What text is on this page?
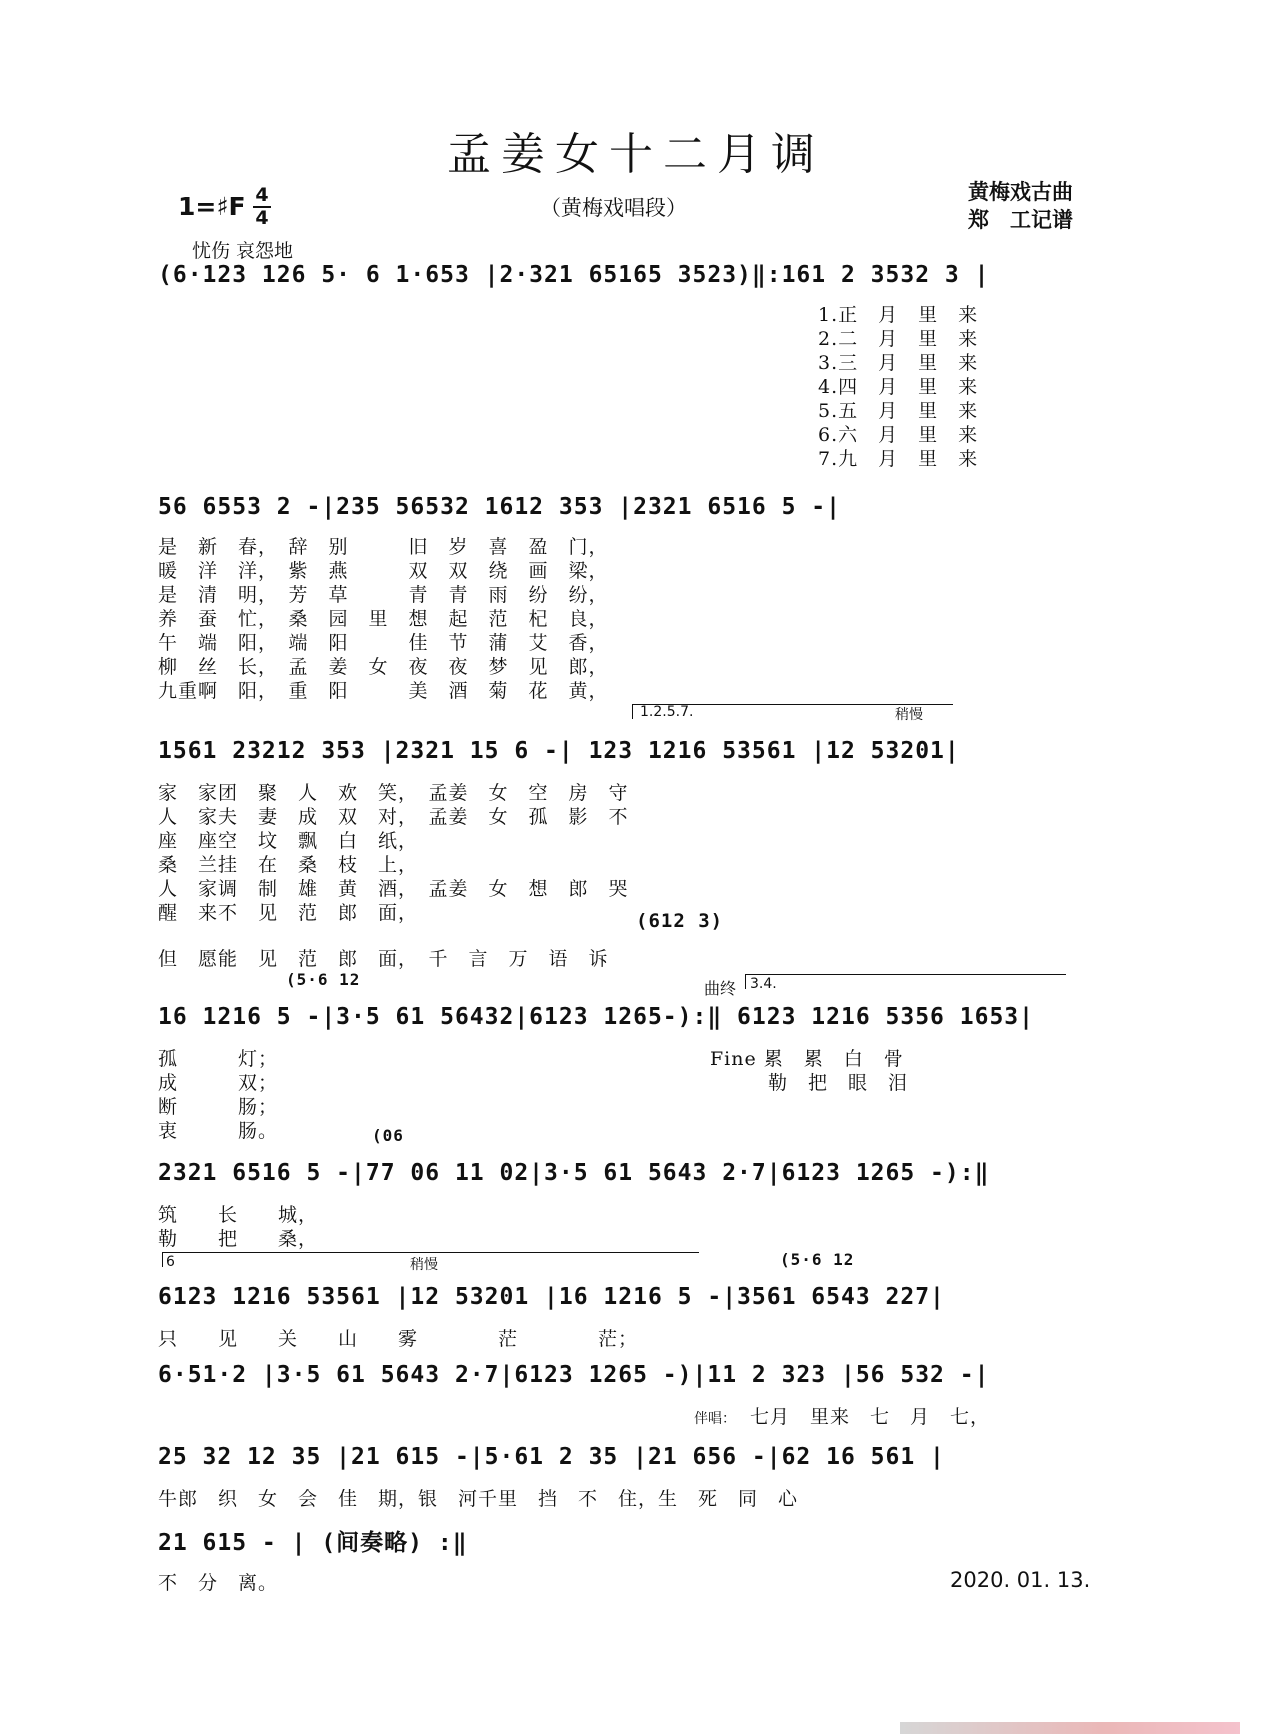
孟姜女十二月调
1=♯F 4
4	（黄梅戏唱段）
黄梅戏古曲
郑　工记谱
忧伤 哀怨地
(6·123 126 5· 6 1·653 |2·321 65165 3523)‖:161 2 3532 3 |
1.正　月　里　来
2.二　月　里　来
3.三　月　里　来
4.四　月　里　来
5.五　月　里　来
6.六　月　里　来
7.九　月　里　来
56 6553 2 -|235 56532 1612 353 |2321 6516 5 -|
是　新　春，　辞　别　　　旧　岁　喜　盈　门，
暖　洋　洋，　紫　燕　　　双　双　绕　画　梁，
是　清　明，　芳　草　　　青　青　雨　纷　纷，
养　蚕　忙，　桑　园　里　想　起　范　杞　良，
午　端　阳，　端　阳　　　佳　节　蒲　艾　香，
柳　丝　长，　孟　姜　女　夜　夜　梦　见　郎，
九重啊　阳，　重　阳　　　美　酒　菊　花　黄，
1.2.5.7.	稍慢
1561 23212 353 |2321 15 6 -| 123 1216 53561 |12 53201|
家　家团　聚　人　欢　笑，　孟姜　女　空　房　守
人　家夫　妻　成　双　对，　孟姜　女　孤　影　不
座　座空　坟　飘　白　纸，
桑　兰挂　在　桑　枝　上，
人　家调　制　雄　黄　酒，　孟姜　女　想　郎　哭
醒　来不　见　范　郎　面，	(612 3)
但　愿能　见　范　郎　面，　千　言　万　语　诉
(5·6 12	曲终 3.4.
16 1216 5 -|3·5 61 56432|6123 1265-):‖ 6123 1216 5356 1653|
孤　　　灯；
成　　　双；
断　　　肠；
衷　　　肠。
Fine 累　累　白　骨
勒　把　眼　泪
(06
2321 6516 5 -|77 06 11 02|3·5 61 5643 2·7|6123 1265 -):‖
筑　　长　　城，
勒　　把　　桑，
6	稍慢	(5·6 12
6123 1216 53561 |12 53201 |16 1216 5 -|3561 6543 227|
只　　见　　关　　山　　雾　　　　茫　　　　茫；
6·51·2 |3·5 61 5643 2·7|6123 1265 -)|11 2 323 |56 532 -|
伴唱： 七月　里来　七　月　七，
25 32 12 35 |21 615 -|5·61 2 35 |21 656 -|62 16 561 |
牛郎　织　女　会　佳　期，银　河千里　挡　不　住，生　死　同　心
21 615 - | (间奏略) :‖
不　分　离。	2020. 01. 13.
